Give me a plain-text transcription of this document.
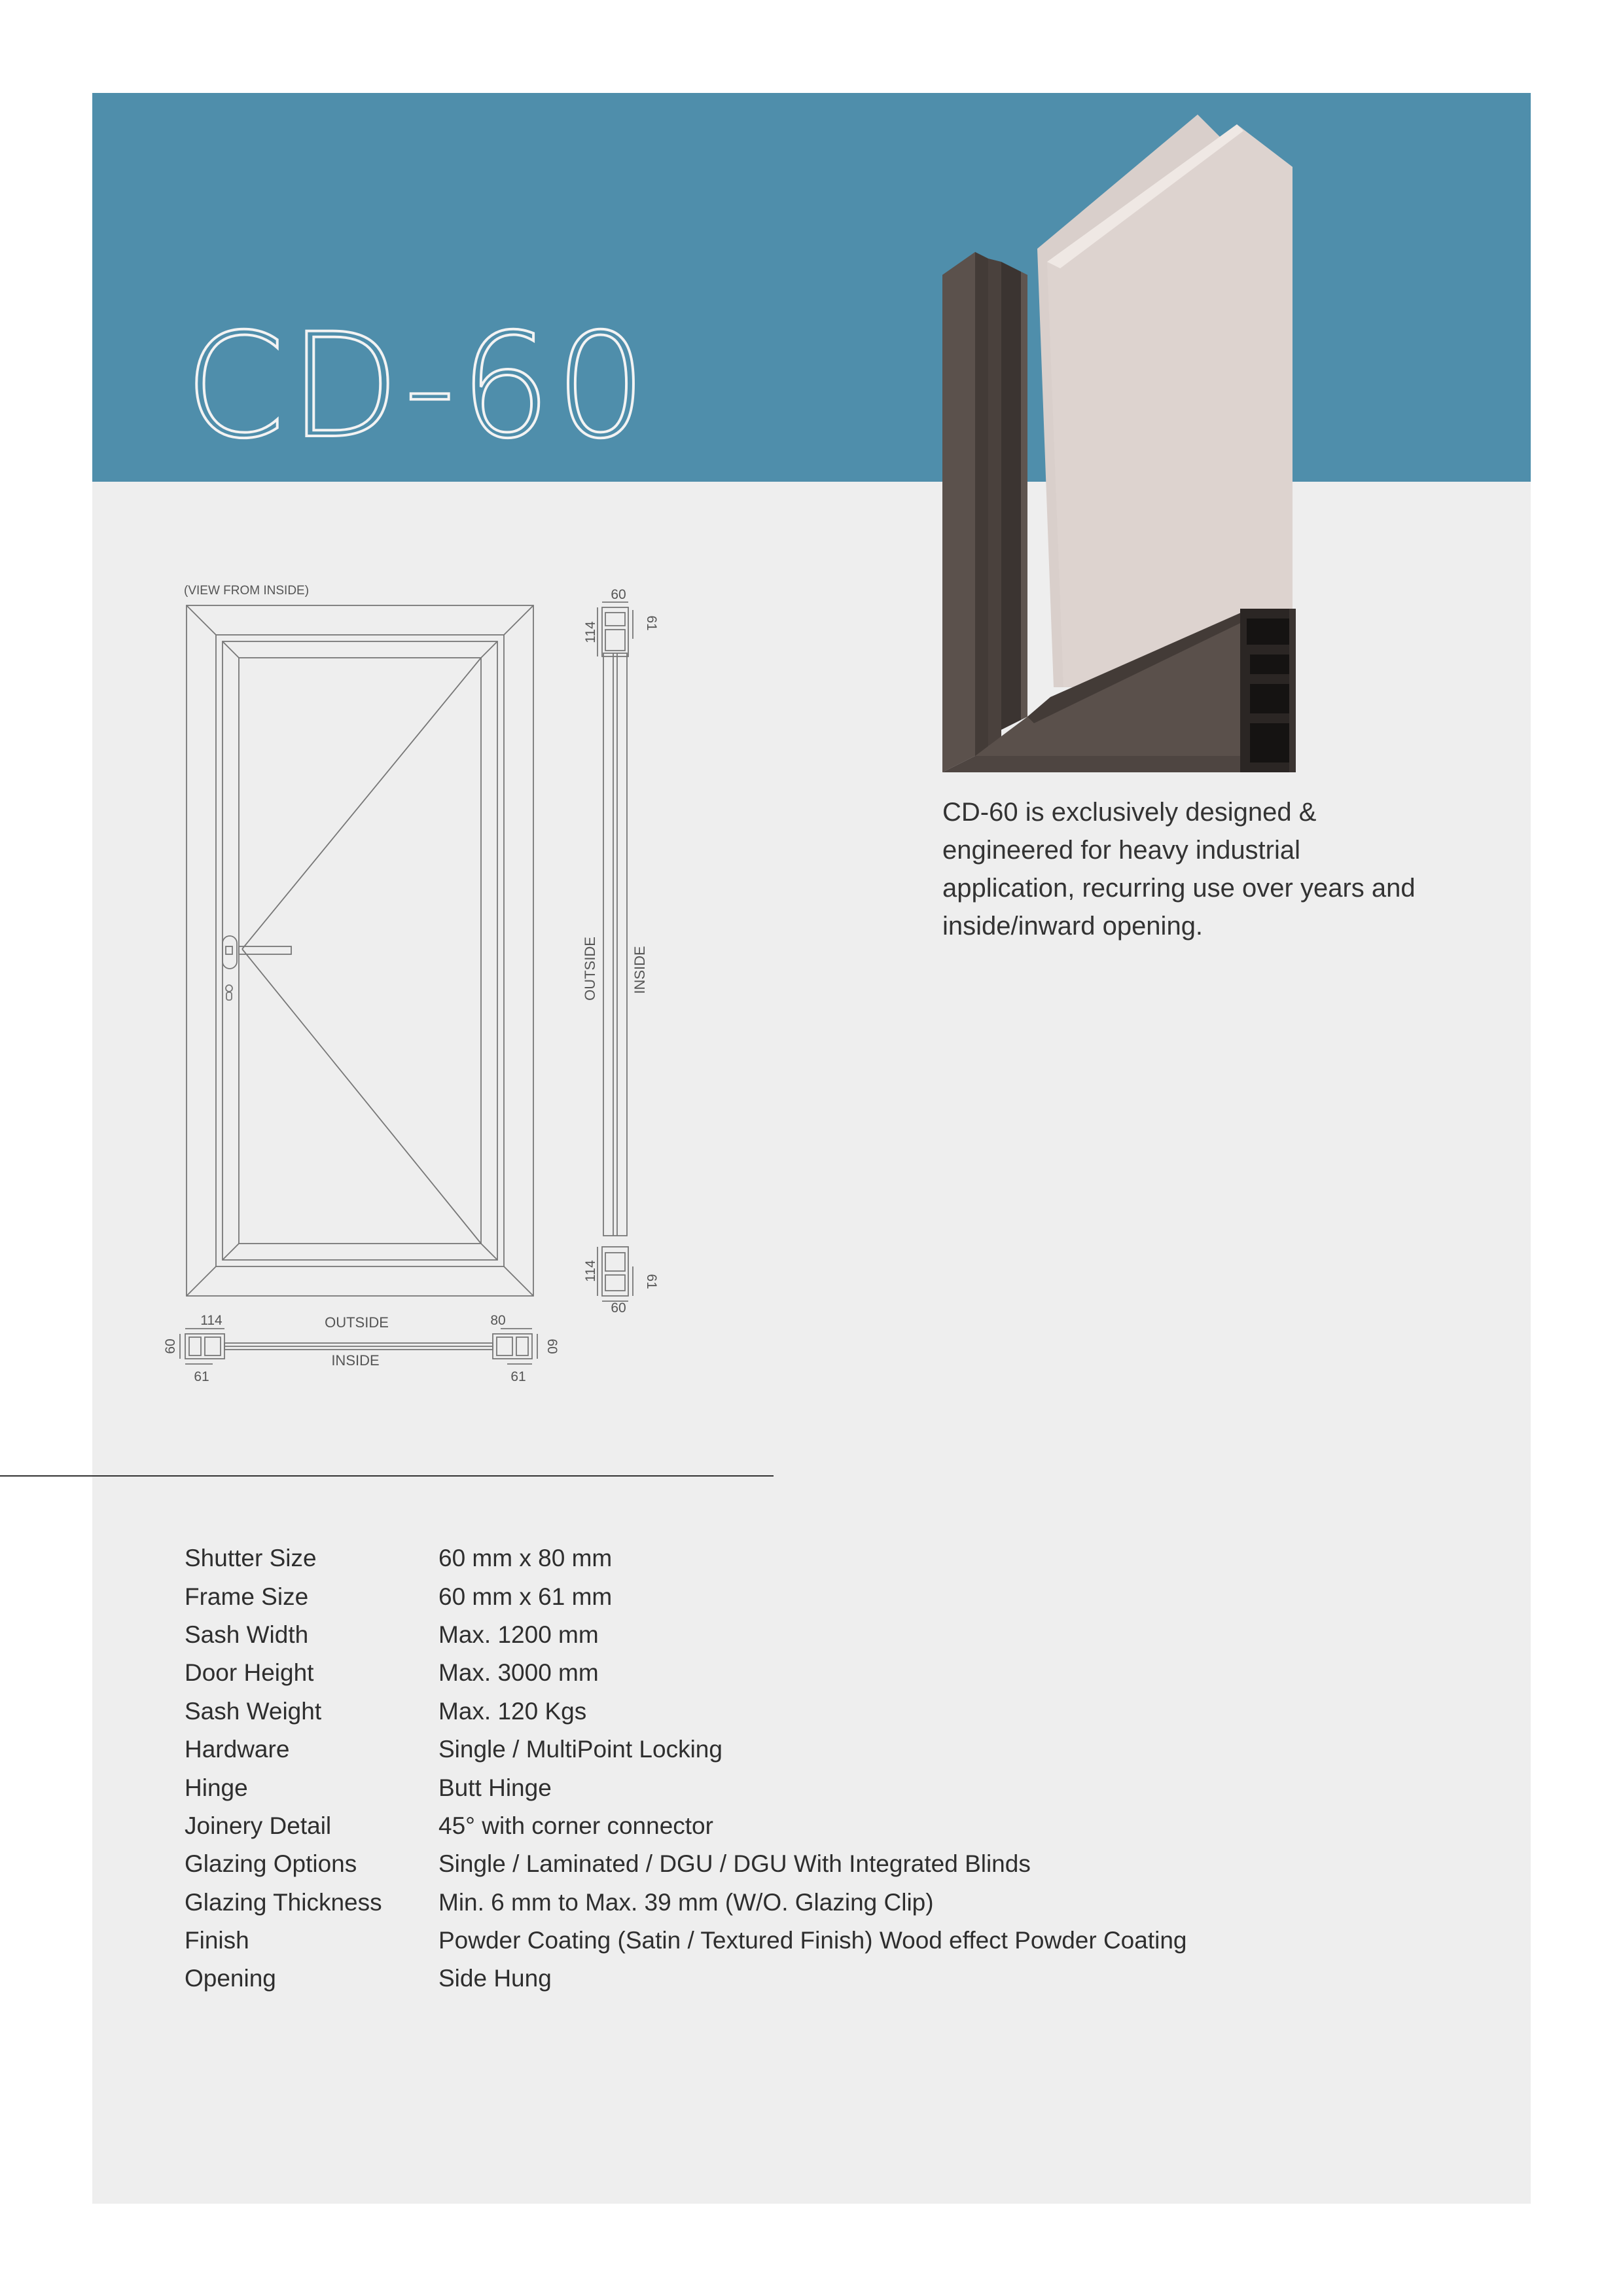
CD-60
CD-60 is exclusively designed & engineered for heavy industrial application, recurring use over years and inside/inward opening.
(VIEW FROM INSIDE)	60
61
114
OUTSIDE INSIDE
114	61
60
114
60
61
OUTSIDE
INSIDE
80
60
61
Shutter Size	60 mm x 80 mm
Frame Size	60 mm x 61 mm
Sash Width	Max. 1200 mm
Door Height	Max. 3000 mm
Sash Weight	Max. 120 Kgs
Hardware	Single / MultiPoint Locking
Hinge	Butt Hinge
Joinery Detail	45° with corner connector
Glazing Options	Single / Laminated / DGU / DGU With Integrated Blinds
Glazing Thickness	Min. 6 mm to Max. 39 mm (W/O. Glazing Clip)
Finish	Powder Coating (Satin / Textured Finish) Wood effect Powder Coating
Opening	Side Hung
